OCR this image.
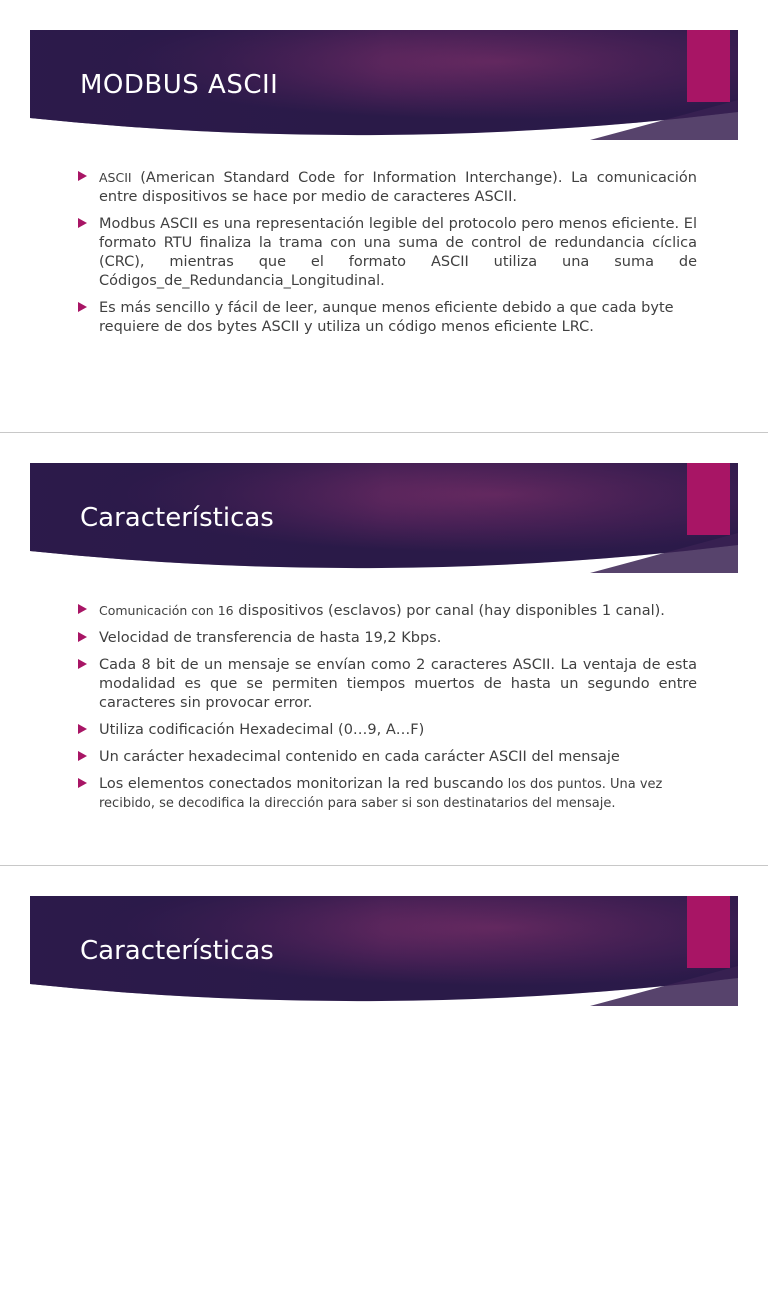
MODBUS ASCII
ASCII (American Standard Code for Information Interchange). La comunicación entre dispositivos se hace por medio de caracteres ASCII.
Modbus ASCII es una representación legible del protocolo pero menos eficiente. El formato RTU finaliza la trama con una suma de control de redundancia cíclica (CRC), mientras que el formato ASCII utiliza una suma de Códigos_de_Redundancia_Longitudinal.
Es más sencillo y fácil de leer, aunque menos eficiente debido a que cada byte requiere de dos bytes ASCII y utiliza un código menos eficiente LRC.
Características
Comunicación con 16 dispositivos (esclavos) por canal (hay disponibles 1 canal).
Velocidad de transferencia de hasta 19,2 Kbps.
Cada 8 bit de un mensaje se envían como 2 caracteres ASCII. La ventaja de esta modalidad es que se permiten tiempos muertos de hasta un segundo entre caracteres sin provocar error.
Utiliza codificación Hexadecimal (0…9, A…F)
Un carácter hexadecimal contenido en cada carácter ASCII del mensaje
Los elementos conectados monitorizan la red buscando los dos puntos. Una vez recibido, se decodifica la dirección para saber si son destinatarios del mensaje.
Características
